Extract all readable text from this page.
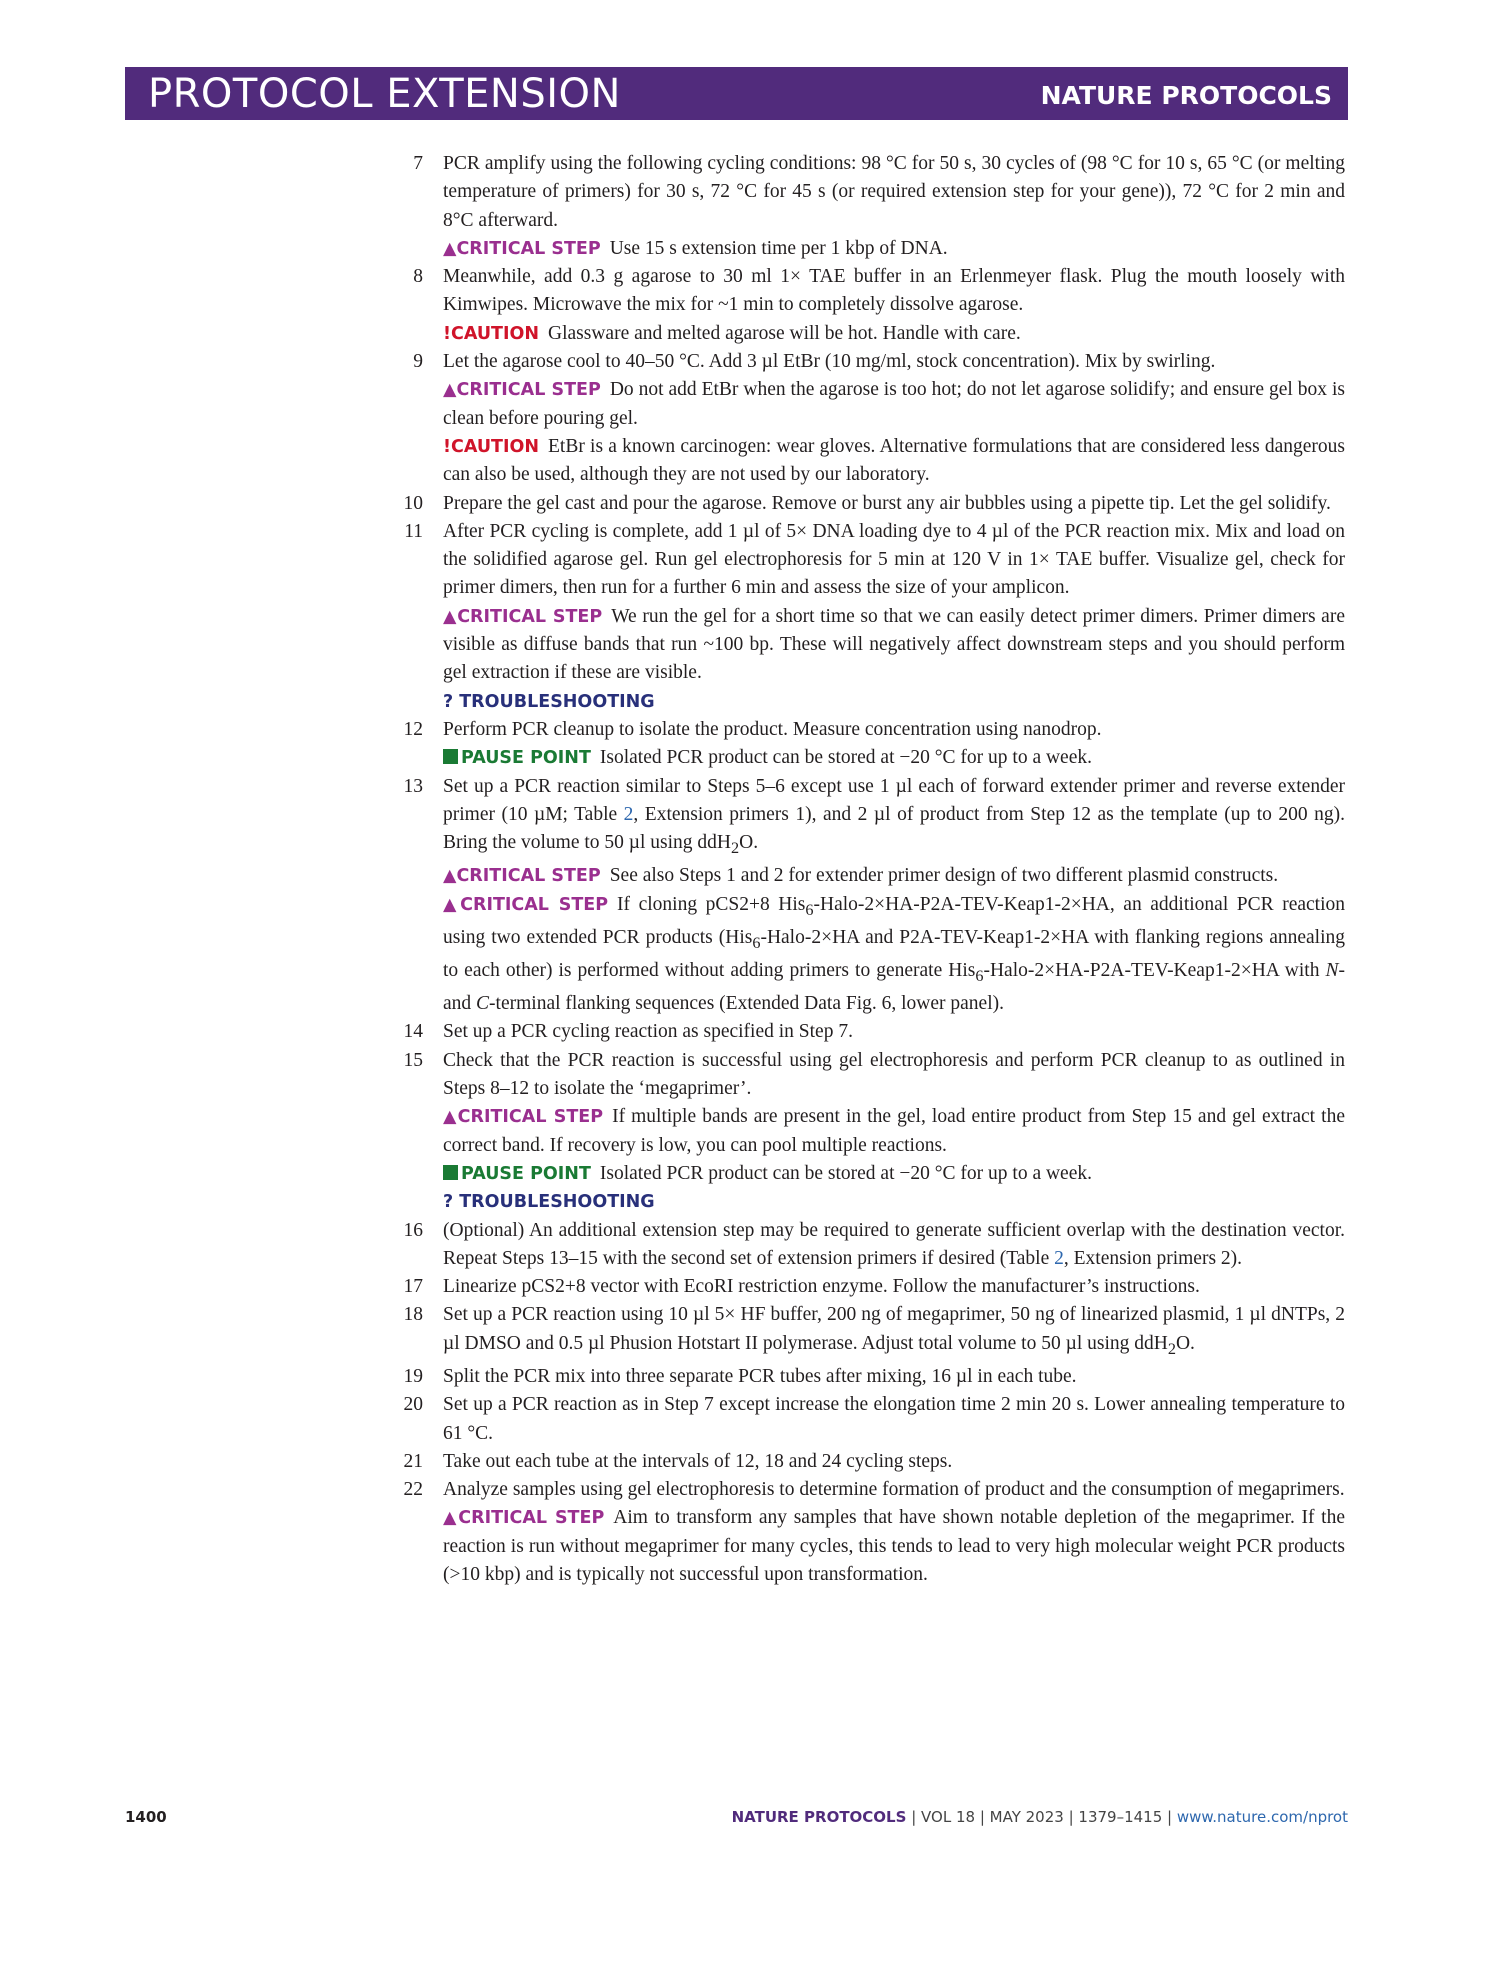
PROTOCOL EXTENSION	NATURE PROTOCOLS
7 PCR amplify using the following cycling conditions: 98 °C for 50 s, 30 cycles of (98 °C for 10 s, 65 °C (or melting temperature of primers) for 30 s, 72 °C for 45 s (or required extension step for your gene)), 72 °C for 2 min and 8°C afterward.
▲CRITICAL STEP Use 15 s extension time per 1 kbp of DNA.
8 Meanwhile, add 0.3 g agarose to 30 ml 1× TAE buffer in an Erlenmeyer flask. Plug the mouth loosely with Kimwipes. Microwave the mix for ~1 min to completely dissolve agarose.
!CAUTION Glassware and melted agarose will be hot. Handle with care.
9 Let the agarose cool to 40–50 °C. Add 3 µl EtBr (10 mg/ml, stock concentration). Mix by swirling.
▲CRITICAL STEP Do not add EtBr when the agarose is too hot; do not let agarose solidify; and ensure gel box is clean before pouring gel.
!CAUTION EtBr is a known carcinogen: wear gloves. Alternative formulations that are considered less dangerous can also be used, although they are not used by our laboratory.
10 Prepare the gel cast and pour the agarose. Remove or burst any air bubbles using a pipette tip. Let the gel solidify.
11 After PCR cycling is complete, add 1 µl of 5× DNA loading dye to 4 µl of the PCR reaction mix. Mix and load on the solidified agarose gel. Run gel electrophoresis for 5 min at 120 V in 1× TAE buffer. Visualize gel, check for primer dimers, then run for a further 6 min and assess the size of your amplicon.
▲CRITICAL STEP We run the gel for a short time so that we can easily detect primer dimers. Primer dimers are visible as diffuse bands that run ~100 bp. These will negatively affect downstream steps and you should perform gel extraction if these are visible.
? TROUBLESHOOTING
12 Perform PCR cleanup to isolate the product. Measure concentration using nanodrop.
PAUSE POINT Isolated PCR product can be stored at −20 °C for up to a week.
13 Set up a PCR reaction similar to Steps 5–6 except use 1 µl each of forward extender primer and reverse extender primer (10 µM; Table 2, Extension primers 1), and 2 µl of product from Step 12 as the template (up to 200 ng). Bring the volume to 50 µl using ddH$_2$O.
▲CRITICAL STEP See also Steps 1 and 2 for extender primer design of two different plasmid constructs.
▲CRITICAL STEP If cloning pCS2+8 His$_6$-Halo-2×HA-P2A-TEV-Keap1-2×HA, an additional PCR reaction using two extended PCR products (His$_6$-Halo-2×HA and P2A-TEV-Keap1-2×HA with flanking regions annealing to each other) is performed without adding primers to generate His$_6$-Halo-2×HA-P2A-TEV-Keap1-2×HA with N- and C-terminal flanking sequences (Extended Data Fig. 6, lower panel).
14 Set up a PCR cycling reaction as specified in Step 7.
15 Check that the PCR reaction is successful using gel electrophoresis and perform PCR cleanup to as outlined in Steps 8–12 to isolate the ‘megaprimer’.
▲CRITICAL STEP If multiple bands are present in the gel, load entire product from Step 15 and gel extract the correct band. If recovery is low, you can pool multiple reactions.
PAUSE POINT Isolated PCR product can be stored at −20 °C for up to a week.
? TROUBLESHOOTING
16 (Optional) An additional extension step may be required to generate sufficient overlap with the destination vector. Repeat Steps 13–15 with the second set of extension primers if desired (Table 2, Extension primers 2).
17 Linearize pCS2+8 vector with EcoRI restriction enzyme. Follow the manufacturer’s instructions.
18 Set up a PCR reaction using 10 µl 5× HF buffer, 200 ng of megaprimer, 50 ng of linearized plasmid, 1 µl dNTPs, 2 µl DMSO and 0.5 µl Phusion Hotstart II polymerase. Adjust total volume to 50 µl using ddH$_2$O.
19 Split the PCR mix into three separate PCR tubes after mixing, 16 µl in each tube.
20 Set up a PCR reaction as in Step 7 except increase the elongation time 2 min 20 s. Lower annealing temperature to 61 °C.
21 Take out each tube at the intervals of 12, 18 and 24 cycling steps.
22 Analyze samples using gel electrophoresis to determine formation of product and the consumption of megaprimers.
▲CRITICAL STEP Aim to transform any samples that have shown notable depletion of the megaprimer. If the reaction is run without megaprimer for many cycles, this tends to lead to very high molecular weight PCR products (>10 kbp) and is typically not successful upon transformation.
1400	NATURE PROTOCOLS | VOL 18 | MAY 2023 | 1379–1415 | www.nature.com/nprot
